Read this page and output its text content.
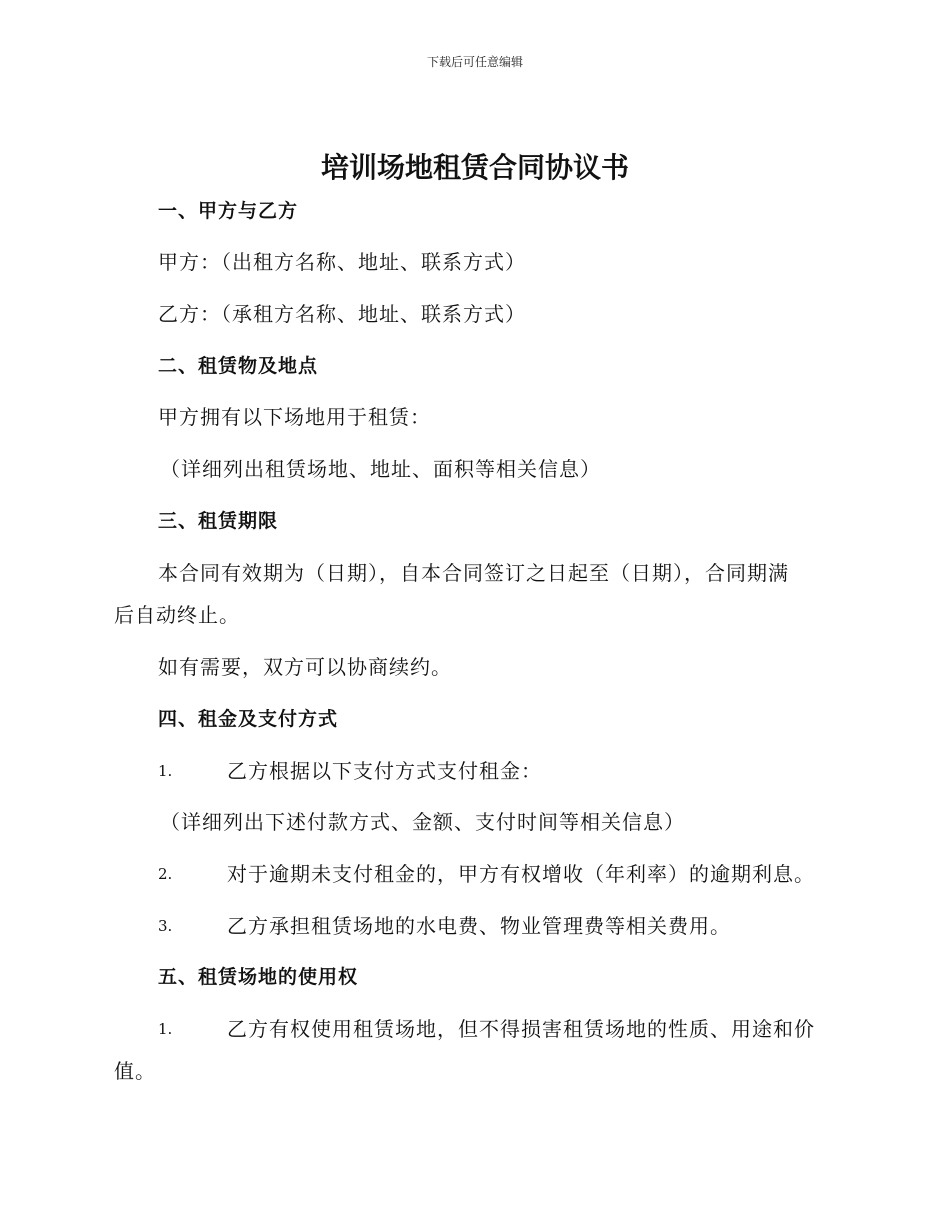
下载后可任意编辑
培训场地租赁合同协议书
一、甲方与乙方
甲方：（出租方名称、地址、联系方式）
乙方：（承租方名称、地址、联系方式）
二、租赁物及地点
甲方拥有以下场地用于租赁：
（详细列出租赁场地、地址、面积等相关信息）
三、租赁期限
本合同有效期为（日期），自本合同签订之日起至（日期），合同期满
后自动终止。
如有需要，双方可以协商续约。
四、租金及支付方式
1.	乙方根据以下支付方式支付租金：
（详细列出下述付款方式、金额、支付时间等相关信息）
2.	对于逾期未支付租金的，甲方有权增收（年利率）的逾期利息。
3.	乙方承担租赁场地的水电费、物业管理费等相关费用。
五、租赁场地的使用权
1.	乙方有权使用租赁场地，但不得损害租赁场地的性质、用途和价
值。
